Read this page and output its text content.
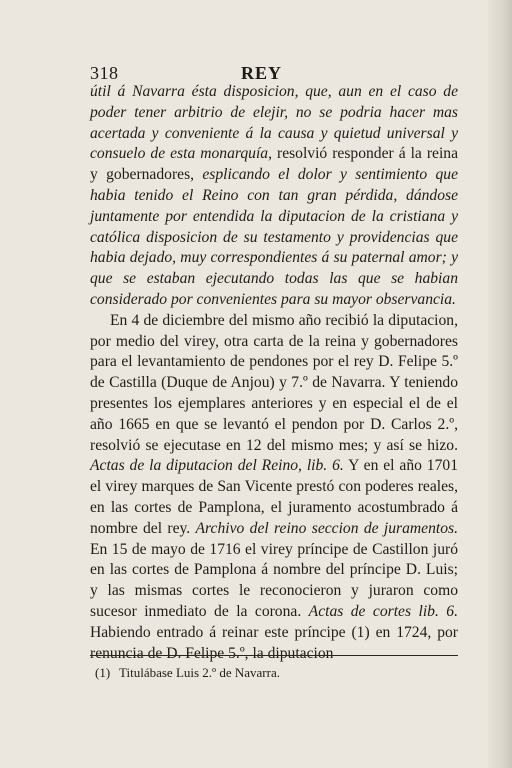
318	REY

útil á Navarra ésta disposicion, que, aun en el caso de poder tener arbitrio de elejir, no se podria hacer mas acertada y conveniente á la causa y quietud universal y consuelo de esta monarquía, resolvió responder á la reina y gobernadores, esplicando el dolor y sentimiento que habia tenido el Reino con tan gran pérdida, dándose juntamente por entendida la diputacion de la cristiana y católica disposicion de su testamento y providencias que habia dejado, muy correspondientes á su paternal amor; y que se estaban ejecutando todas las que se habian considerado por convenientes para su mayor observancia.

En 4 de diciembre del mismo año recibió la diputacion, por medio del virey, otra carta de la reina y gobernadores para el levantamiento de pendones por el rey D. Felipe 5.º de Castilla (Duque de Anjou) y 7.º de Navarra. Y teniendo presentes los ejemplares anteriores y en especial el de el año 1665 en que se levantó el pendon por D. Carlos 2.º, resolvió se ejecutase en 12 del mismo mes; y así se hizo. Actas de la diputacion del Reino, lib. 6. Y en el año 1701 el virey marques de San Vicente prestó con poderes reales, en las cortes de Pamplona, el juramento acostumbrado á nombre del rey. Archivo del reino seccion de juramentos. En 15 de mayo de 1716 el virey príncipe de Castillon juró en las cortes de Pamplona á nombre del príncipe D. Luis; y las mismas cortes le reconocieron y juraron como sucesor inmediato de la corona. Actas de cortes lib. 6. Habiendo entrado á reinar este príncipe (1) en 1724, por renuncia de D. Felipe 5.º, la diputacion

(1) Titulábase Luis 2.º de Navarra.
